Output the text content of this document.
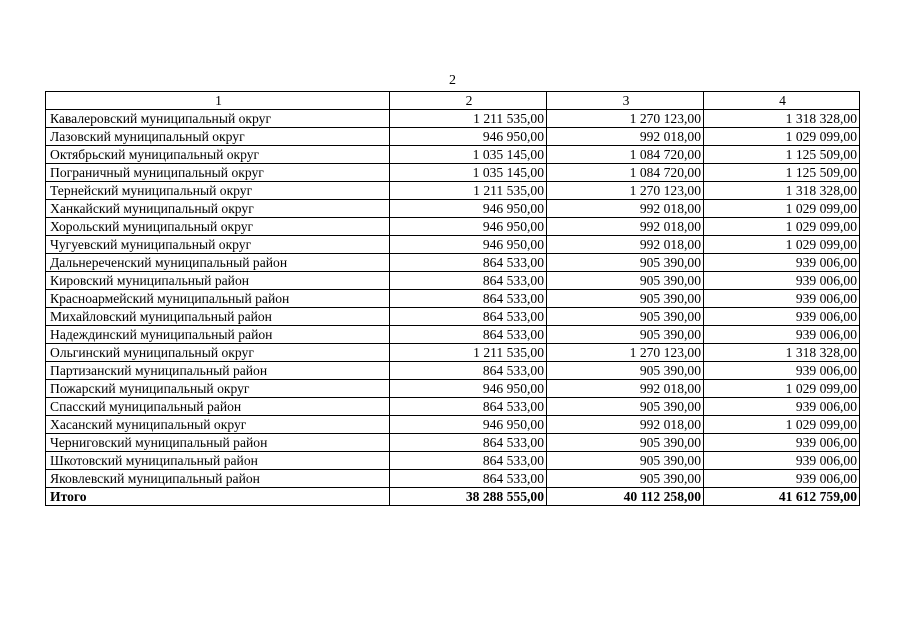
2
1	2	3	4
Кавалеровский муниципальный округ	1 211 535,00	1 270 123,00	1 318 328,00
Лазовский муниципальный округ	946 950,00	992 018,00	1 029 099,00
Октябрьский муниципальный округ	1 035 145,00	1 084 720,00	1 125 509,00
Пограничный муниципальный округ	1 035 145,00	1 084 720,00	1 125 509,00
Тернейский муниципальный округ	1 211 535,00	1 270 123,00	1 318 328,00
Ханкайский муниципальный округ	946 950,00	992 018,00	1 029 099,00
Хорольский муниципальный округ	946 950,00	992 018,00	1 029 099,00
Чугуевский муниципальный округ	946 950,00	992 018,00	1 029 099,00
Дальнереченский муниципальный район	864 533,00	905 390,00	939 006,00
Кировский муниципальный район	864 533,00	905 390,00	939 006,00
Красноармейский муниципальный район	864 533,00	905 390,00	939 006,00
Михайловский муниципальный район	864 533,00	905 390,00	939 006,00
Надеждинский муниципальный район	864 533,00	905 390,00	939 006,00
Ольгинский муниципальный округ	1 211 535,00	1 270 123,00	1 318 328,00
Партизанский муниципальный район	864 533,00	905 390,00	939 006,00
Пожарский муниципальный округ	946 950,00	992 018,00	1 029 099,00
Спасский муниципальный район	864 533,00	905 390,00	939 006,00
Хасанский муниципальный округ	946 950,00	992 018,00	1 029 099,00
Черниговский муниципальный район	864 533,00	905 390,00	939 006,00
Шкотовский муниципальный район	864 533,00	905 390,00	939 006,00
Яковлевский муниципальный район	864 533,00	905 390,00	939 006,00
Итого	38 288 555,00	40 112 258,00	41 612 759,00
